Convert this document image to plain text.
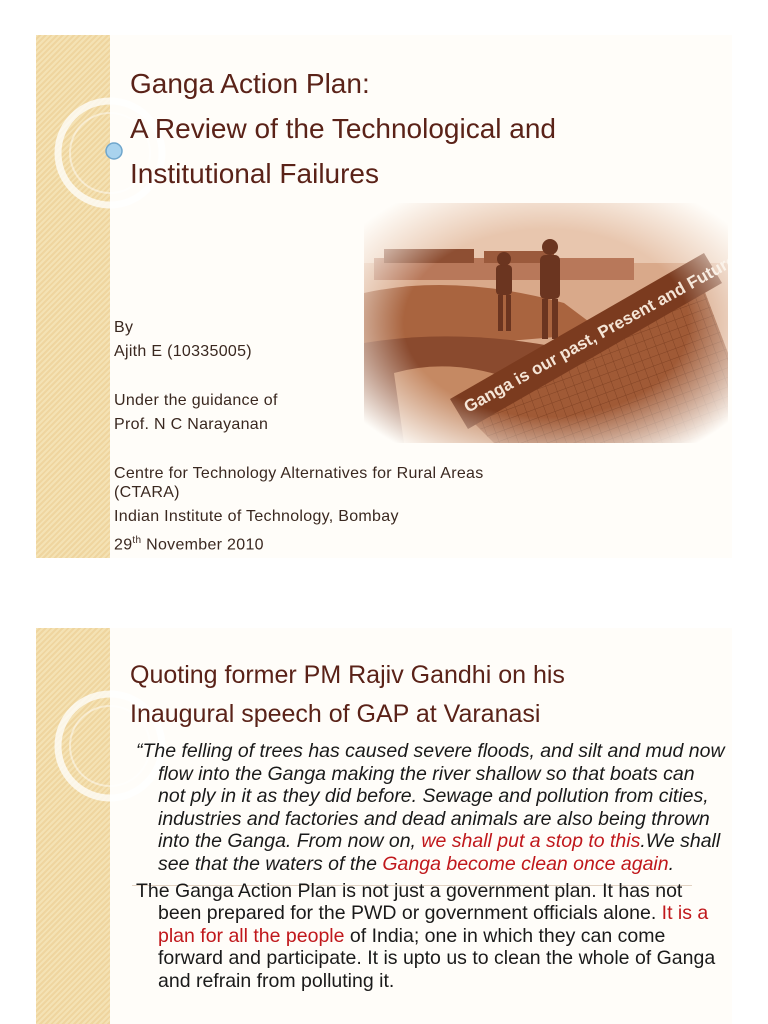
Ganga Action Plan:
A Review of the Technological and
Institutional Failures
By
Ajith E (10335005)
Under the guidance of
Prof. N C Narayanan
Centre for Technology Alternatives for Rural Areas
(CTARA)
Indian Institute of Technology, Bombay
29th November 2010
Quoting former PM Rajiv Gandhi on his
Inaugural speech of GAP at Varanasi

“The felling of trees has caused severe floods, and silt and mud now flow into the Ganga making the river shallow so that boats can not ply in it as they did before. Sewage and pollution from cities, industries and factories and dead animals are also being thrown into the Ganga. From now on, we shall put a stop to this.We shall see that the waters of the Ganga become clean once again.

The Ganga Action Plan is not just a government plan. It has not been prepared for the PWD or government officials alone. It is a plan for all the people of India; one in which they can come forward and participate. It is upto us to clean the whole of Ganga and refrain from polluting it.
